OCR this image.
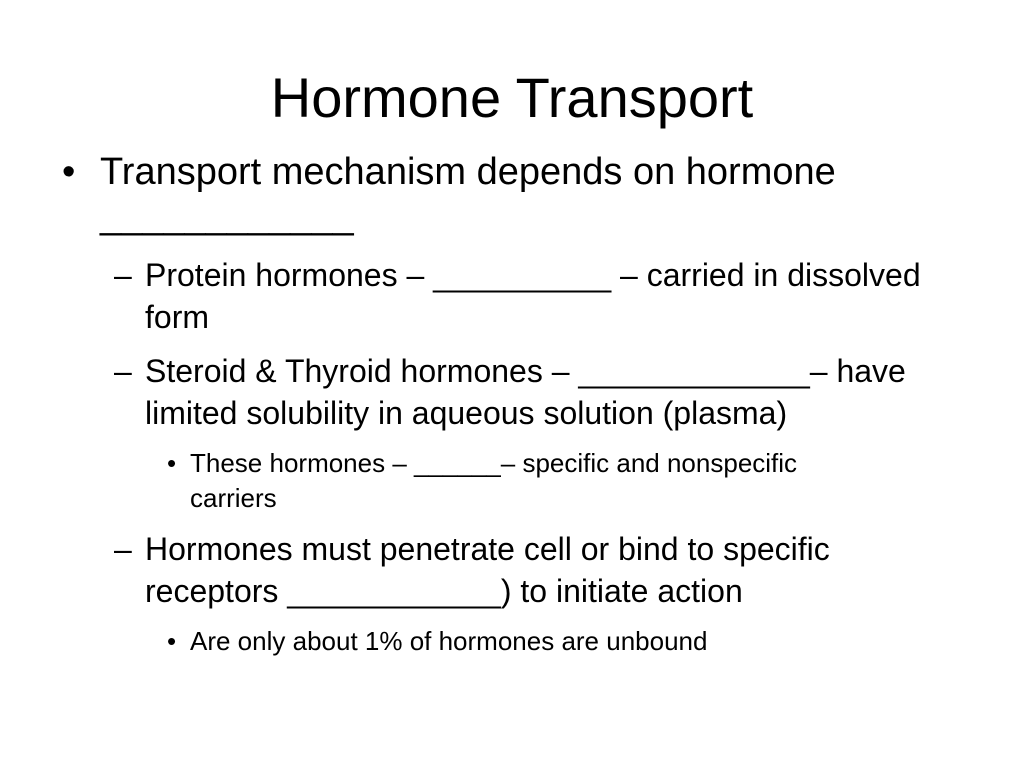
Hormone Transport
• Transport mechanism depends on hormone ____________
– Protein hormones – __________ – carried in dissolved form
– Steroid & Thyroid hormones – _____________– have limited solubility in aqueous solution (plasma)
• These hormones – ______– specific and nonspecific carriers
– Hormones must penetrate cell or bind to specific receptors ____________) to initiate action
• Are only about 1% of hormones are unbound
